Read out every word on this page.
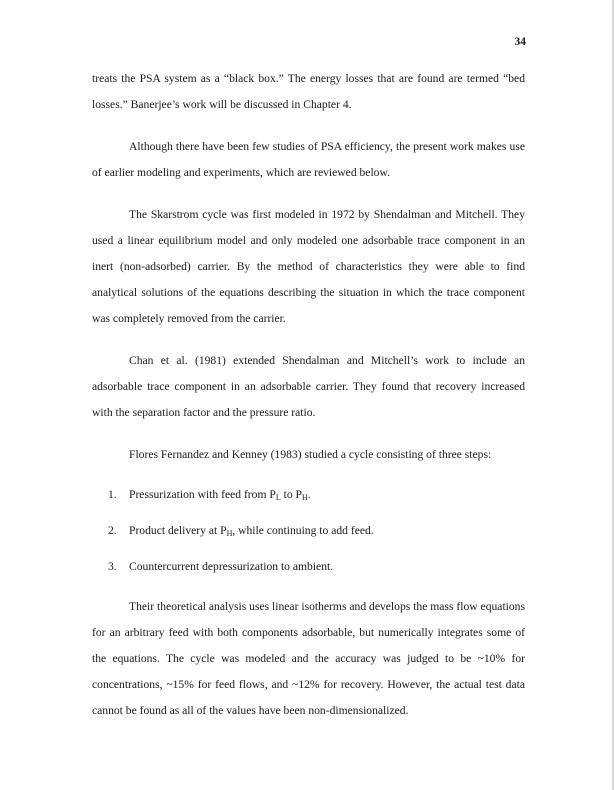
34

treats the PSA system as a “black box.” The energy losses that are found are termed “bed losses.” Banerjee’s work will be discussed in Chapter 4.

Although there have been few studies of PSA efficiency, the present work makes use of earlier modeling and experiments, which are reviewed below.

The Skarstrom cycle was first modeled in 1972 by Shendalman and Mitchell. They used a linear equilibrium model and only modeled one adsorbable trace component in an inert (non-adsorbed) carrier. By the method of characteristics they were able to find analytical solutions of the equations describing the situation in which the trace component was completely removed from the carrier.

Chan et al. (1981) extended Shendalman and Mitchell’s work to include an adsorbable trace component in an adsorbable carrier. They found that recovery increased with the separation factor and the pressure ratio.

Flores Fernandez and Kenney (1983) studied a cycle consisting of three steps:

1.	Pressurization with feed from $P_L$ to $P_H$.
2.	Product delivery at $P_H$, while continuing to add feed.
3.	Countercurrent depressurization to ambient.

Their theoretical analysis uses linear isotherms and develops the mass flow equations for an arbitrary feed with both components adsorbable, but numerically integrates some of the equations. The cycle was modeled and the accuracy was judged to be ~10% for concentrations, ~15% for feed flows, and ~12% for recovery. However, the actual test data cannot be found as all of the values have been non-dimensionalized.
